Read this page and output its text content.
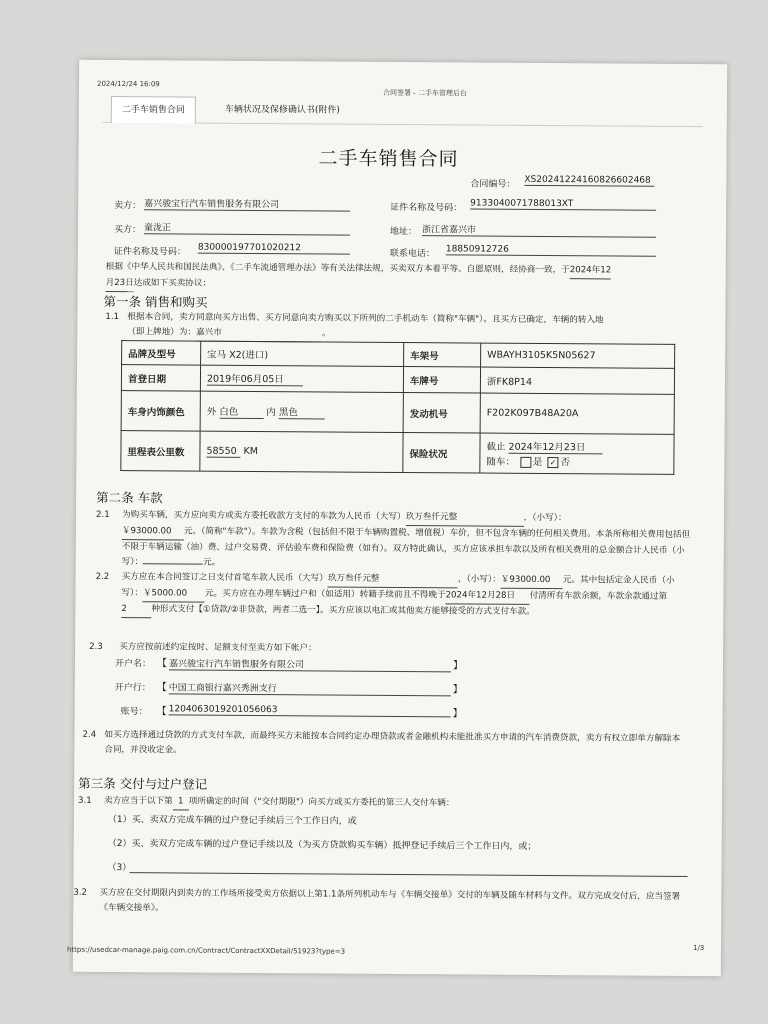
2024/12/24 16:09
合同签署 - 二手车管理后台
二手车销售合同	车辆状况及保修确认书(附件)
二手车销售合同
合同编号： XS20241224160826602468
卖方： 嘉兴骏宝行汽车销售服务有限公司	证件名称及号码： 9133040071788013XT
买方： 童泷正	地址： 浙江省嘉兴市
证件名称及号码： 830000197701020212
联系电话： 18850912726
根据《中华人民共和国民法典》、《二手车流通管理办法》等有关法律法规，买卖双方本着平等、自愿原则，经协商一致，于2024年12
月23日达成如下买卖协议：
第一条 销售和购买
1.1 根据本合同，卖方同意向买方出售、买方同意向卖方购买以下所列的二手机动车（简称"车辆"）。且买方已确定，车辆的转入地
（即上牌地）为：嘉兴市	。
品牌及型号	宝马 X2(进口)	车架号	WBAYH3105K5N05627
首登日期	2019年06月05日	车牌号	浙FK8P14
车身内饰颜色	外 白色 内 黑色	发动机号	F202K097B48A20A
里程表公里数	58550 KM	保险状况	截止 2024年12月23日
随车： 是 ✓ 否
第二条 车款
2.1 为购买车辆，买方应向卖方或卖方委托收款方支付的车款为人民币（大写）玖万叁仟元整	，（小写）：
￥93000.00 元。（简称"车款"）。车款为含税（包括但不限于车辆购置税、增值税）车价，但不包含车辆的任何相关费用。本条所称相关费用包括但不限于车辆运输（油）费、过户交易费、评估验车费和保险费（如有）。双方特此确认，买方应该承担车款以及所有相关费用的总金额合计人民币（小写）：	元。
2.2 买方应在本合同签订之日支付首笔车款人民币（大写）玖万叁仟元整	，（小写）：￥93000.00 元。其中包括定金人民币（小写）：￥5000.00 元。买方应在办理车辆过户和（如适用）转籍手续前且不得晚于2024年12月28日 付清所有车款余额，车款余款通过第2	种形式支付【①贷款/②非贷款，两者二选一】。买方应该以电汇或其他卖方能够接受的方式支付车款。
2.3 买方应按前述约定按时、足额支付至卖方如下帐户：
开户名： 【 嘉兴骏宝行汽车销售服务有限公司	】
开户行： 【 中国工商银行嘉兴秀洲支行	】
账号： 【 1204063019201056063	】
2.4 如买方选择通过贷款的方式支付车款，而最终买方未能按本合同约定办理贷款或者金融机构未能批准买方申请的汽车消费贷款，卖方有权立即单方解除本合同，并没收定金。
第三条 交付与过户登记
3.1 卖方应当于以下第 1 项所确定的时间（"交付期限"）向买方或买方委托的第三人交付车辆：
（1）买、卖双方完成车辆的过户登记手续后三个工作日内，或
（2）买、卖双方完成车辆的过户登记手续以及（为买方贷款购买车辆）抵押登记手续后三个工作日内，或；
（3）
3.2 买方应在交付期限内到卖方的工作场所接受卖方依据以上第1.1条所列机动车与《车辆交接单》交付的车辆及随车材料与文件。双方完成交付后，应当签署《车辆交接单》。
https://usedcar-manage.paig.com.cn/Contract/ContractXXDetail/51923?type=3	1/3
